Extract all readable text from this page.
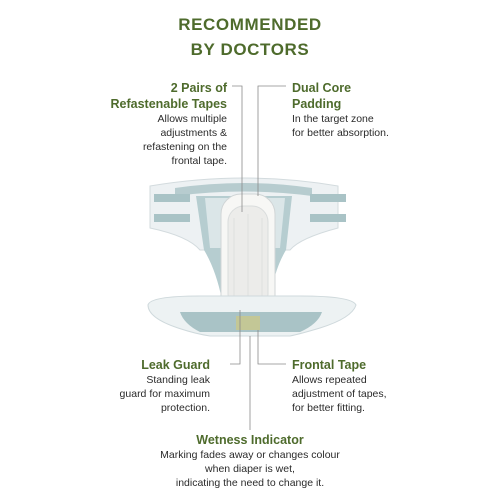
RECOMMENDED
BY DOCTORS
2 Pairs of
Refastenable Tapes
Allows multiple
adjustments &
refastening on the
frontal tape.
Dual Core
Padding
In the target zone
for better absorption.
Leak Guard
Standing leak
guard for maximum
protection.
Frontal Tape
Allows repeated
adjustment of tapes,
for better fitting.
Wetness Indicator
Marking fades away or changes colour
when diaper is wet,
indicating the need to change it.
